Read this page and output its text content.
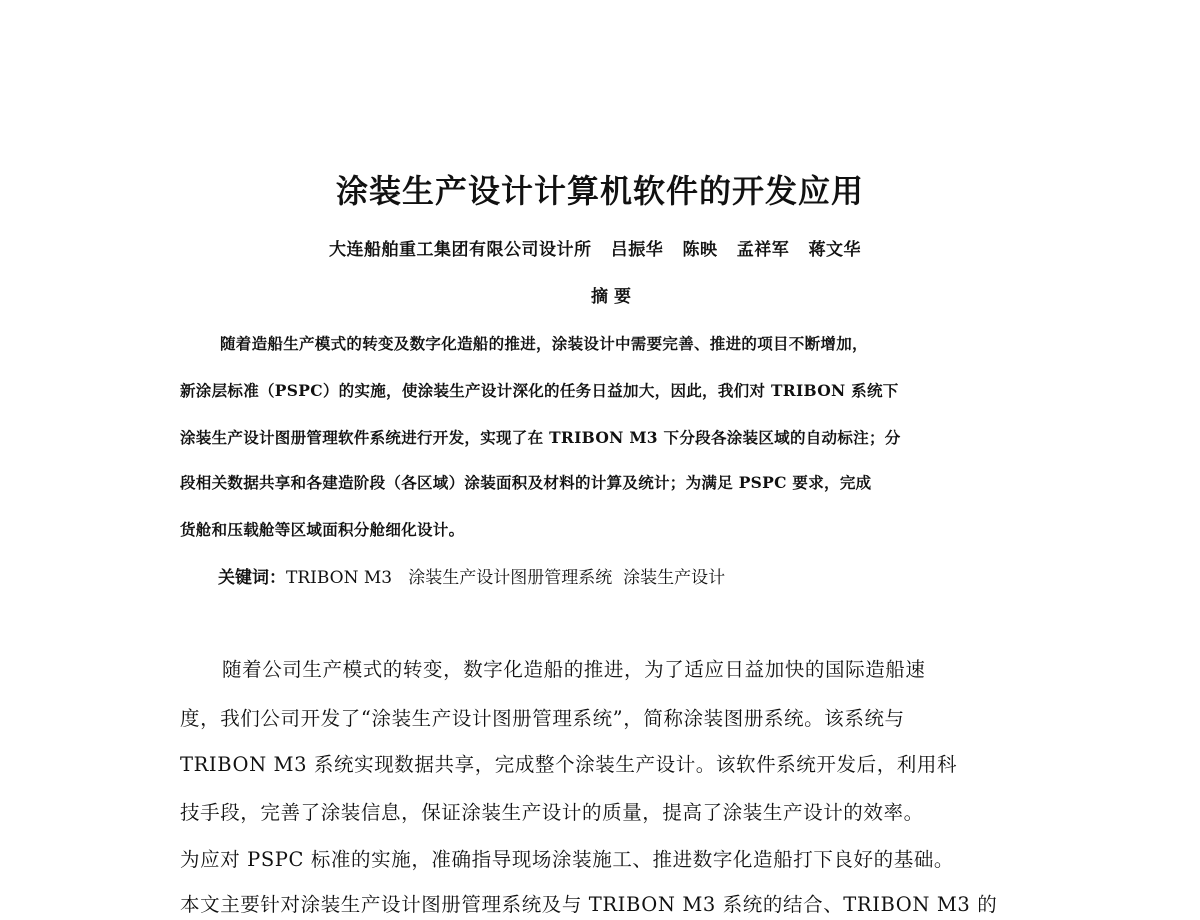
涂装生产设计计算机软件的开发应用
大连船舶重工集团有限公司设计所   吕振华   陈映   孟祥军   蒋文华
摘要
随着造船生产模式的转变及数字化造船的推进，涂装设计中需要完善、推进的项目不断增加，
新涂层标准（PSPC）的实施，使涂装生产设计深化的任务日益加大，因此，我们对 TRIBON 系统下
涂装生产设计图册管理软件系统进行开发，实现了在 TRIBON M3 下分段各涂装区域的自动标注；分
段相关数据共享和各建造阶段（各区域）涂装面积及材料的计算及统计；为满足 PSPC 要求，完成
货舱和压载舱等区域面积分舱细化设计。
关键词：TRIBON M3   涂装生产设计图册管理系统  涂装生产设计
随着公司生产模式的转变，数字化造船的推进，为了适应日益加快的国际造船速
度，我们公司开发了“涂装生产设计图册管理系统”，简称涂装图册系统。该系统与
TRIBON M3 系统实现数据共享，完成整个涂装生产设计。该软件系统开发后，利用科
技手段，完善了涂装信息，保证涂装生产设计的质量，提高了涂装生产设计的效率。
为应对 PSPC 标准的实施，准确指导现场涂装施工、推进数字化造船打下良好的基础。
本文主要针对涂装生产设计图册管理系统及与 TRIBON M3 系统的结合、TRIBON M3 的
